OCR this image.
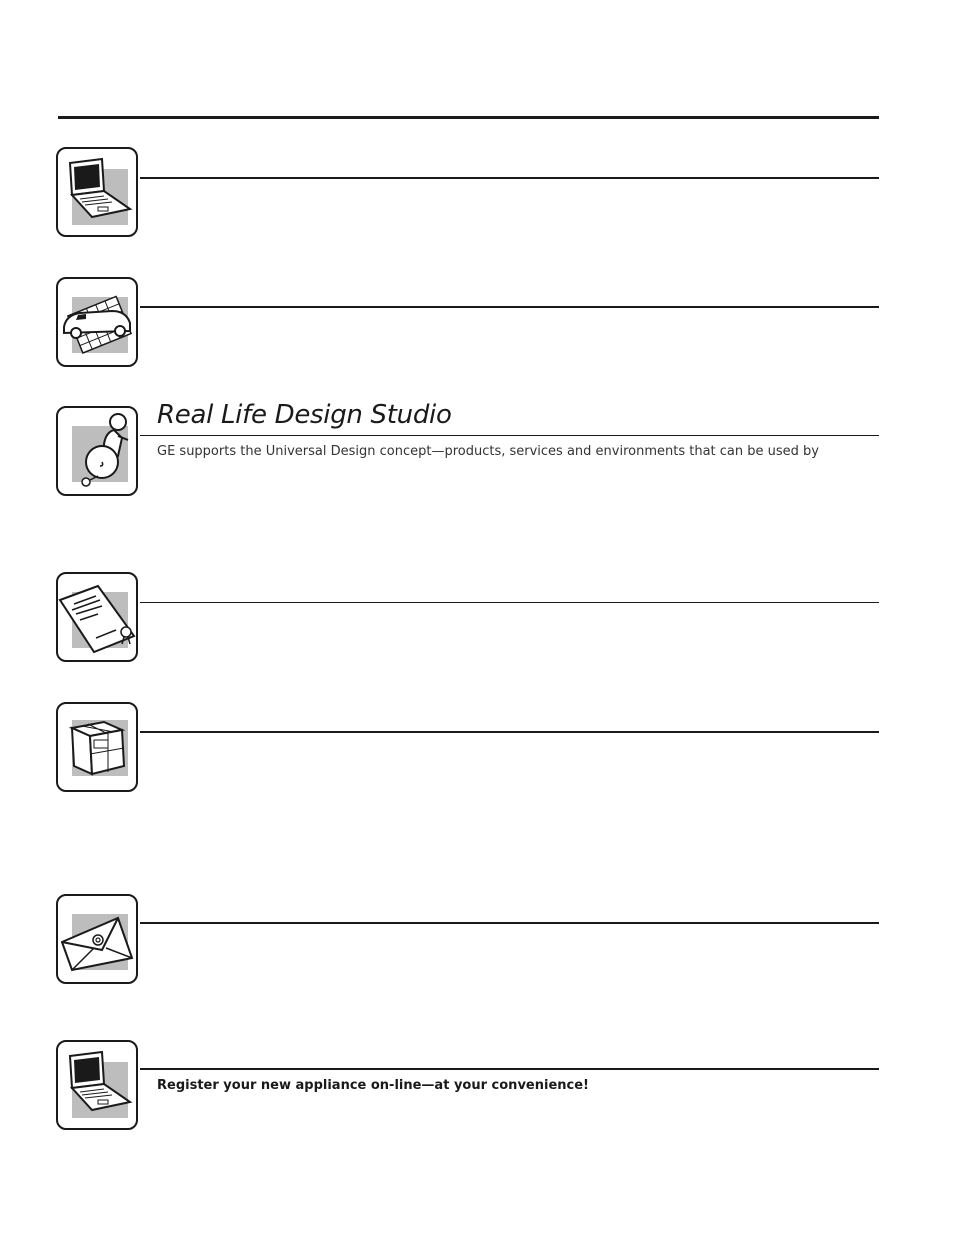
Real Life Design Studio
GE supports the Universal Design concept—products, services and environments that can be used by
Register your new appliance on-line—at your convenience!
